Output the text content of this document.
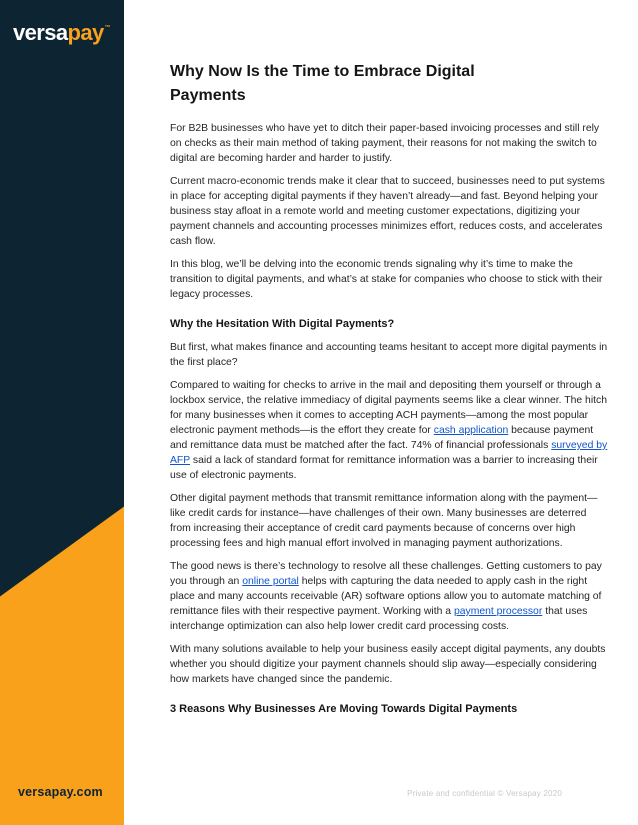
versapay™
versapay.com
Why Now Is the Time to Embrace Digital Payments

For B2B businesses who have yet to ditch their paper-based invoicing processes and still rely on checks as their main method of taking payment, their reasons for not making the switch to digital are becoming harder and harder to justify.

Current macro-economic trends make it clear that to succeed, businesses need to put systems in place for accepting digital payments if they haven’t already—and fast. Beyond helping your business stay afloat in a remote world and meeting customer expectations, digitizing your payment channels and accounting processes minimizes effort, reduces costs, and accelerates cash flow.

In this blog, we’ll be delving into the economic trends signaling why it’s time to make the transition to digital payments, and what’s at stake for companies who choose to stick with their legacy processes.

Why the Hesitation With Digital Payments?

But first, what makes finance and accounting teams hesitant to accept more digital payments in the first place?

Compared to waiting for checks to arrive in the mail and depositing them yourself or through a lockbox service, the relative immediacy of digital payments seems like a clear winner. The hitch for many businesses when it comes to accepting ACH payments—among the most popular electronic payment methods—is the effort they create for cash application because payment and remittance data must be matched after the fact. 74% of financial professionals surveyed by AFP said a lack of standard format for remittance information was a barrier to increasing their use of electronic payments.

Other digital payment methods that transmit remittance information along with the payment—like credit cards for instance—have challenges of their own. Many businesses are deterred from increasing their acceptance of credit card payments because of concerns over high processing fees and high manual effort involved in managing payment authorizations.

The good news is there’s technology to resolve all these challenges. Getting customers to pay you through an online portal helps with capturing the data needed to apply cash in the right place and many accounts receivable (AR) software options allow you to automate matching of remittance files with their respective payment. Working with a payment processor that uses interchange optimization can also help lower credit card processing costs.

With many solutions available to help your business easily accept digital payments, any doubts whether you should digitize your payment channels should slip away—especially considering how markets have changed since the pandemic.

3 Reasons Why Businesses Are Moving Towards Digital Payments
Private and confidential © Versapay 2020
